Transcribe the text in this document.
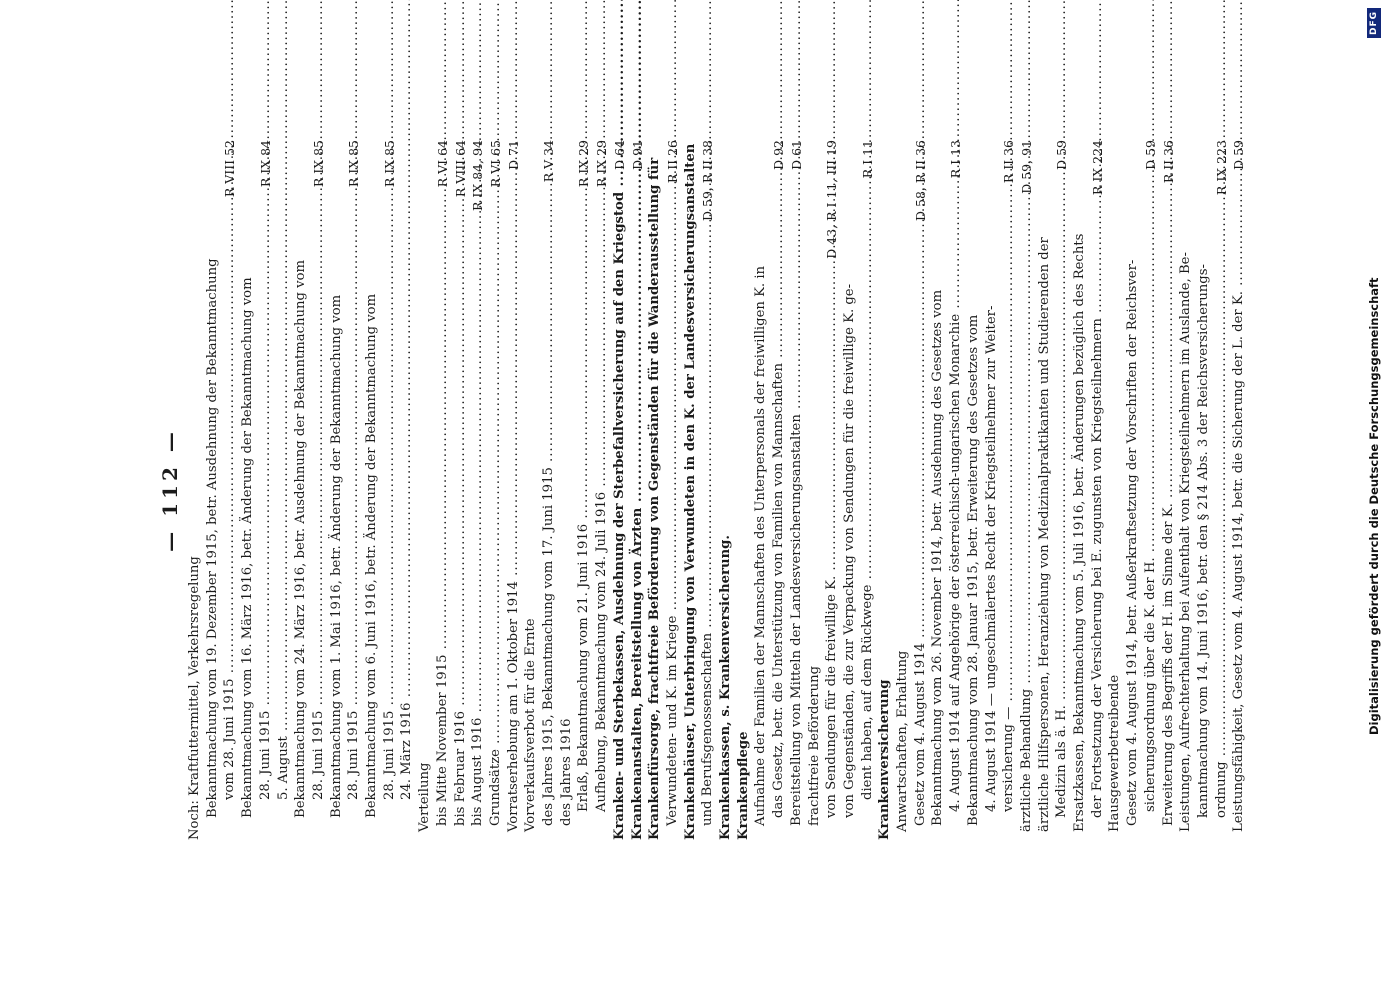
— 112 —
Noch: Kraftfuttermittel, Verkehrsregelung Bekanntmachung vom 19. Dezember 1915, betr. Ausdehnung der Bekanntmachung vom 28. Juni 1915 .....
R VIII 52
Bekanntmachung vom 16. März 1916, betr. Änderung der Bekanntmachung vom 28. Juni 1915 .....
R IX 84
5. August ..... Bekanntmachung vom 24. März 1916, betr. Ausdehnung der Bekanntmachung vom 28. Juni 1915 .....
R IX 85
Bekanntmachung vom 1. Mai 1916, betr. Änderung der Bekanntmachung vom 28. Juni 1915 .....
R IX 85
Bekanntmachung vom 6. Juni 1916, betr. Änderung der Bekanntmachung vom 28. Juni 1915 .....
R IX 85
24. März 1916 ..... Verteilung bis Mitte November 1915 .....
R VI 64
bis Februar 1916 .....
R VIII 64
bis August 1916 .....
R IX 84, 94
Grundsätze .....
R VI 65
Vorratserhebung am 1. Oktober 1914 .....
D 71
Vorverkaufsverbot für die Ernte des Jahres 1915, Bekanntmachung vom 17. Juni 1915 .....
R V 34
des Jahres 1916 Erlaß, Bekanntmachung vom 21. Juni 1916 .....
R IX 29
Aufhebung, Bekanntmachung vom 24. Juli 1916 .....
R IX 29
Kranken- und Sterbekassen, Ausdehnung der Sterbefallversicherung auf den Kriegstod .....
D 64
Krankenanstalten, Bereitstellung von Ärzten .....
D 91
Krankenfürsorge, frachtfreie Beförderung von Gegenständen für die Wanderausstellung für Verwundeten- und K. im Kriege .....
R II 26 Krankenhäuser, Unterbringung von Verwundeten in den K. der Landesversicherungsanstalten und Berufsgenossenschaften .....
D 59, R II 38
Krankenkassen, s. Krankenversicherung. Krankenpflege Aufnahme der Familien der Mannschaften des Unterpersonals der freiwilligen K. in das Gesetz, betr. die Unterstützung von Familien von Mannschaften .....
D 92
Bereitstellung von Mitteln der Landesversicherungsanstalten .....
D 61
frachtfreie Beförderung von Sendungen für die freiwillige K. .....
D 43, R I 11, III 19
von Gegenständen, die zur Verpackung von Sendungen für die freiwillige K. ge- dient haben, auf dem Rückwege .....
R I 11
Krankenversicherung Anwartschaften, Erhaltung Gesetz vom 4. August 1914 .....
D 58, R II 36
Bekanntmachung vom 26. November 1914, betr. Ausdehnung des Gesetzes vom 4. August 1914 auf Angehörige der österreichisch-ungarischen Monarchie .....
R I 13
Bekanntmachung vom 28. Januar 1915, betr. Erweiterung des Gesetzes vom 4. August 1914 — ungeschmälertes Recht der Kriegsteilnehmer zur Weiter- versicherung — .....
R II 36
ärztliche Behandlung .....
D 59, 91
ärztliche Hilfspersonen, Heranziehung von Medizinalpraktikanten und Studierenden der Medizin als ä. H. .....
D 59
Ersatzkassen, Bekanntmachung vom 5. Juli 1916, betr. Änderungen bezüglich des Rechts der Fortsetzung der Versicherung bei E. zugunsten von Kriegsteilnehmern .....
R IX 224
Hausgewerbetreibende Gesetz vom 4. August 1914, betr. Außerkraftsetzung der Vorschriften der Reichsver- sicherungsordnung über die K. der H. .....
D 59
Erweiterung des Begriffs der H. im Sinne der K. .....
R II 36
Leistungen, Aufrechterhaltung bei Aufenthalt von Kriegsteilnehmern im Auslande, Be- kanntmachung vom 14. Juni 1916, betr. den § 214 Abs. 3 der Reichsversicherungs- ordnung .....
R IX 223
Leistungsfähigkeit, Gesetz vom 4. August 1914, betr. die Sicherung der L. der K. .....
D 59
Digitalisierung gefördert durch die Deutsche Forschungsgemeinschaft
DFG
